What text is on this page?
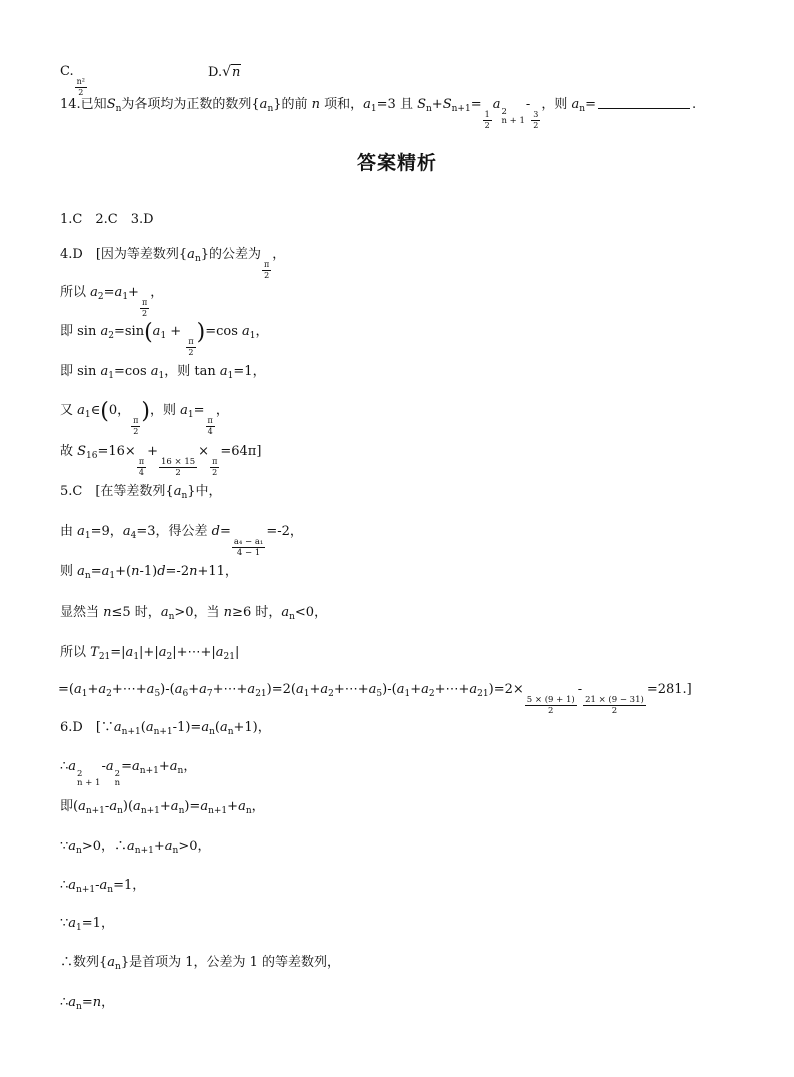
C.
$\frac{\text{n²}}{2}$
D.√n
14.已知$S_n$为各项均为正数的数列$\{a_n\}$的前 n 项和，$a_1=3$ 且 $S_n+S_{n+1}=$
$\frac{1}{2}$
a 2
n + 1
-
$\frac{3}{2}$
，则 $a_n=$	.
答案精析
1.C　2.C　3.D
4.D　[因为等差数列$\{a_n\}$的公差为
$\frac{\pi}{2}$
，
所以 $a_2=a_1+$
$\frac{\pi}{2}$
，
即 $\sin a_2=\sin(a_1$ +
$\frac{\pi}{2}$
)=cos $a_1$，
即 $\sin a_1=\cos$ $a_1$，则 $\tan a_1=1$，
又 $a_1\in(0$，
$\frac{\pi}{2}$
)，则 $a_1=$
$\frac{\pi}{4}$
，
故 $S_{16}=16\times$
$\frac{\pi}{4}$
+
$\frac{16 \times 15}{2}$
×
$\frac{\pi}{2}$
=64π]
5.C　[在等差数列$\{a_n\}$中，
由 $a_1=9$，$a_4=3$，得公差 d=
$\frac{\text{a₄ − a₁}}{4 - 1}$
=-2，
则 $a_n=a_1+(n-1)d=-2n+11$，
显然当 n≤5 时，$a_n>0$，当 n≥6 时，$a_n<0$，
所以 $T_{21}=|a_1|+|a_2|+\cdots+|a_{21}|$
$=(a_1+a_2+\cdots+a_5)-(a_6+a_7+\cdots+a_{21})=2(a_1+a_2+\cdots+a_5)-(a_1+a_2+\cdots+a_{21})=2\times$
$\frac{5 \times (9 + 1)}{2}$
-
$\frac{21 \times (9 - 31)}{2}$
=281.]
6.D　[$\because a_{n+1}(a_{n+1}-1)=a_n(a_n+1)$，
∴a 2
n + 1
-a 2
n
$=a_{n+1}+a_n$，
即$(a_{n+1}-a_n)(a_{n+1}+a_n)=a_{n+1}+a_n$，
$\because a_n>0$，$\therefore a_{n+1}+a_n>0$，
$\therefore a_{n+1}-a_n=1$，
$\because a_1=1$，
∴数列$\{a_n\}$是首项为 1，公差为 1 的等差数列，
$\therefore a_n=n$，
